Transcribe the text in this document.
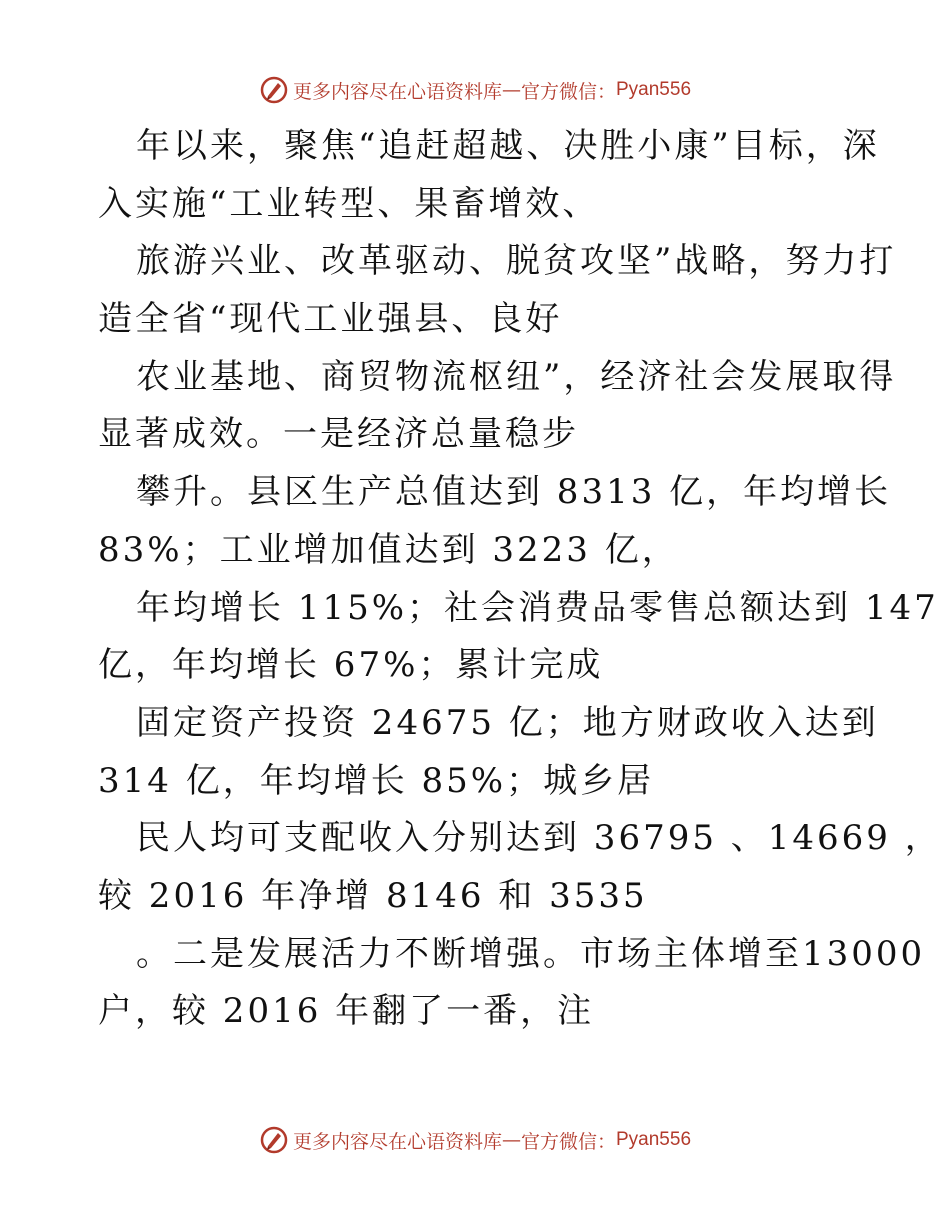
更多内容尽在心语资料库 — 官方微信： Pyan556
年以来，聚焦“追赶超越、决胜小康”目标，深
入实施“工业转型、果畜增效、
旅游兴业、改革驱动、脱贫攻坚”战略，努力打
造全省“现代工业强县、良好
农业基地、商贸物流枢纽”，经济社会发展取得
显著成效。一是经济总量稳步
攀升。县区生产总值达到 8313 亿，年均增长
83%；工业增加值达到 3223 亿，
年均增长 115%；社会消费品零售总额达到 147
亿，年均增长 67%；累计完成
固定资产投资 24675 亿；地方财政收入达到
314 亿，年均增长 85%；城乡居
民人均可支配收入分别达到 36795 、14669 ，
较 2016 年净增 8146 和 3535
。二是发展活力不断增强。市场主体增至13000
户，较 2016 年翻了一番，注
更多内容尽在心语资料库 — 官方微信： Pyan556
